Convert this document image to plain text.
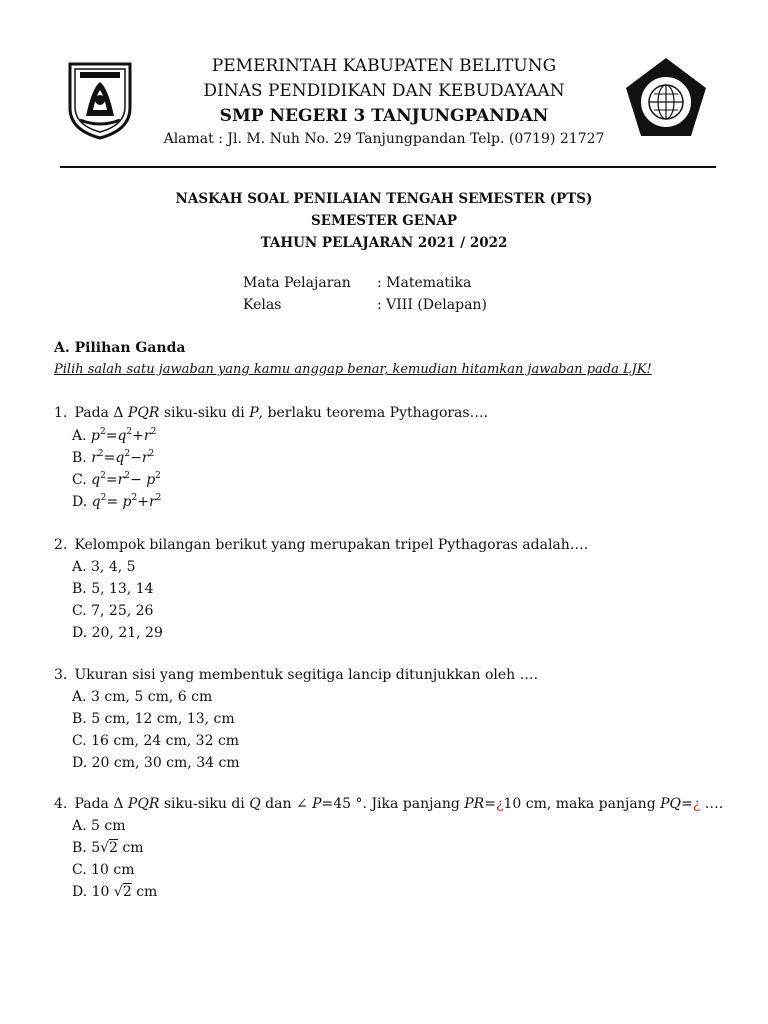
PEMERINTAH KABUPATEN BELITUNG
DINAS PENDIDIKAN DAN KEBUDAYAAN
SMP NEGERI 3 TANJUNGPANDAN
Alamat : Jl. M. Nuh No. 29 Tanjungpandan Telp. (0719) 21727
NASKAH SOAL PENILAIAN TENGAH SEMESTER (PTS)
SEMESTER GENAP
TAHUN PELAJARAN 2021 / 2022
Mata Pelajaran : Matematika
Kelas	: VIII (Delapan)
A. Pilihan Ganda
Pilih salah satu jawaban yang kamu anggap benar, kemudian hitamkan jawaban pada LJK!
1. Pada Δ PQR siku-siku di P, berlaku teorema Pythagoras….
A. $p^2=q^2+r^2$
B. $r^2=q^2-r^2$
C. $q^2=r^2- p^2$
D. $q^2= p^2+r^2$
2. Kelompok bilangan berikut yang merupakan tripel Pythagoras adalah….
A. 3, 4, 5
B. 5, 13, 14
C. 7, 25, 26
D. 20, 21, 29
3. Ukuran sisi yang membentuk segitiga lancip ditunjukkan oleh ….
A. 3 cm, 5 cm, 6 cm
B. 5 cm, 12 cm, 13, cm
C. 16 cm, 24 cm, 32 cm
D. 20 cm, 30 cm, 34 cm
4. Pada Δ PQR siku-siku di Q dan ∠ P=45 °. Jika panjang PR=¿10 cm, maka panjang PQ=¿ ….
A. 5 cm
B. 5√2 cm
C. 10 cm
D. 10 √2 cm
